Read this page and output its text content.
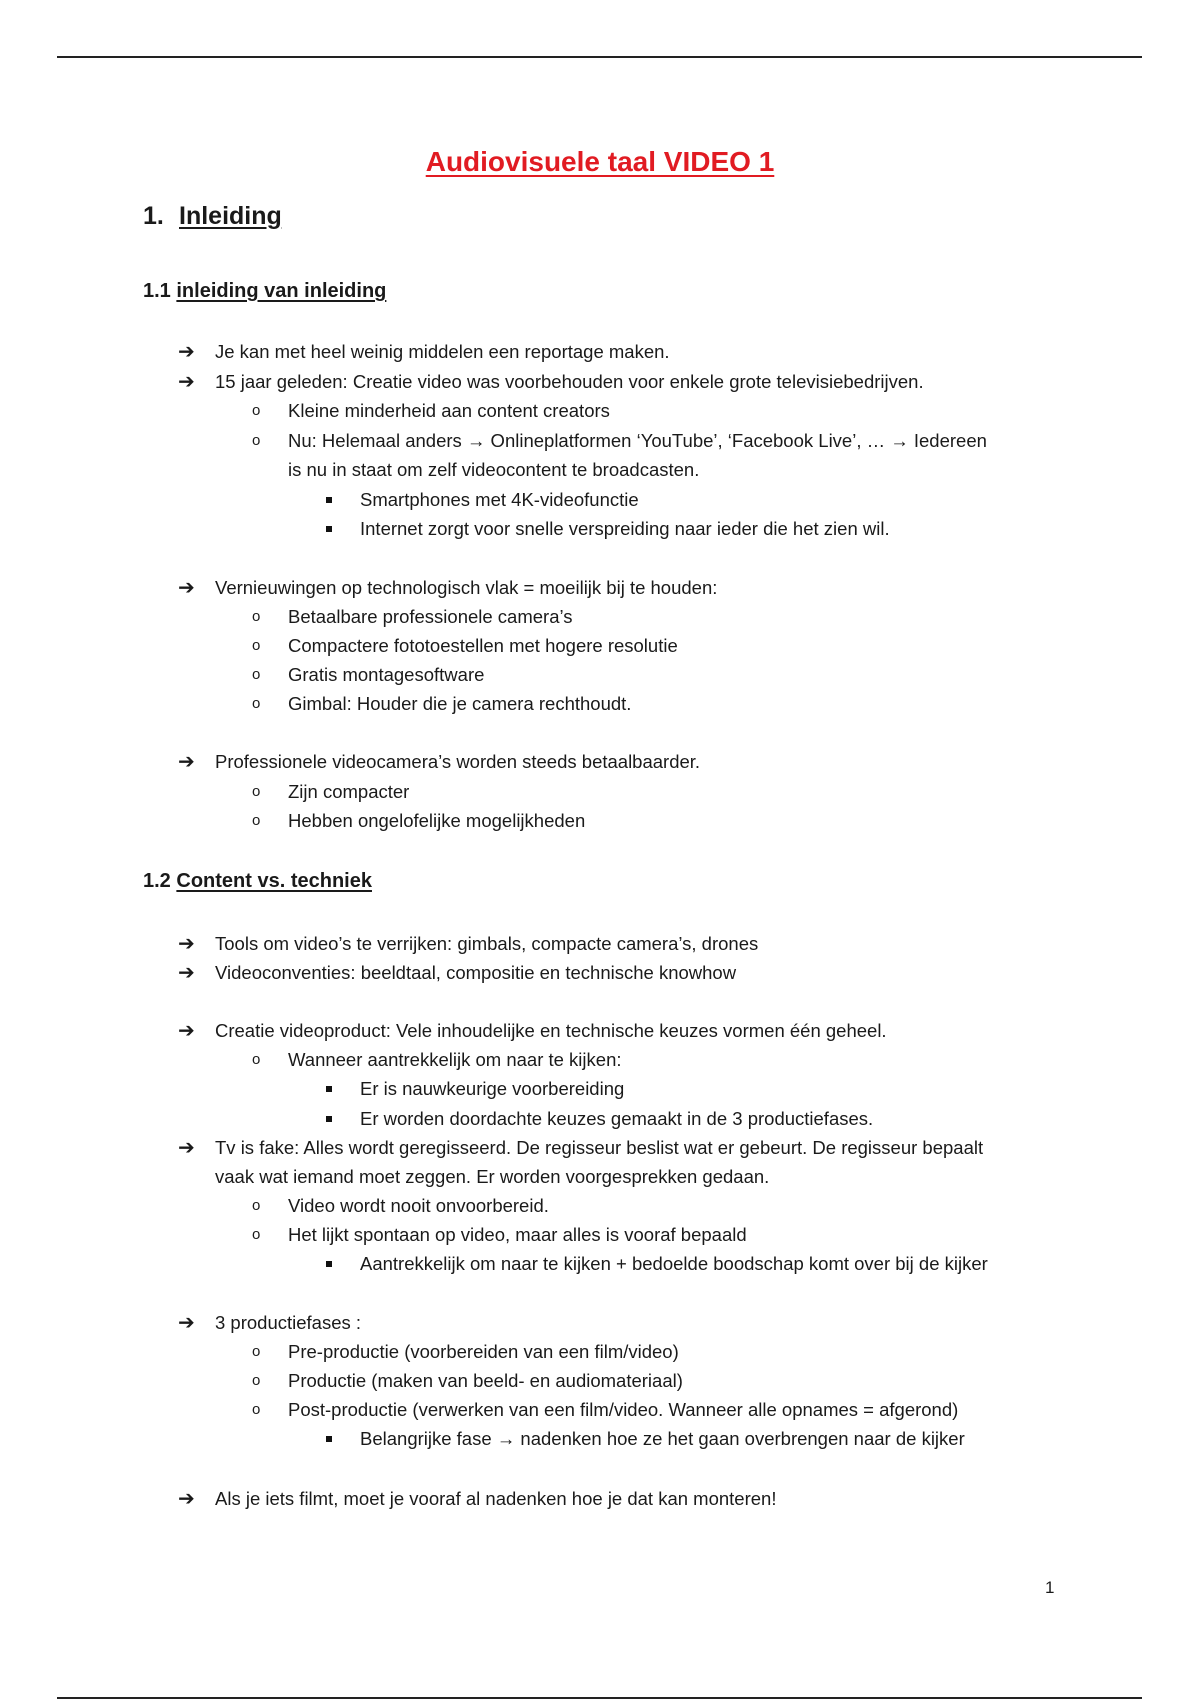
Audiovisuele taal VIDEO 1
1. Inleiding
1.1 inleiding van inleiding
➔ Je kan met heel weinig middelen een reportage maken.
➔ 15 jaar geleden: Creatie video was voorbehouden voor enkele grote televisiebedrijven.
o Kleine minderheid aan content creators
o Nu: Helemaal anders → Onlineplatformen ‘YouTube’, ‘Facebook Live’, … → Iedereen
is nu in staat om zelf videocontent te broadcasten.
Smartphones met 4K-videofunctie
Internet zorgt voor snelle verspreiding naar ieder die het zien wil.
➔ Vernieuwingen op technologisch vlak = moeilijk bij te houden:
o Betaalbare professionele camera’s
o Compactere fototoestellen met hogere resolutie
o Gratis montagesoftware
o Gimbal: Houder die je camera rechthoudt.
➔ Professionele videocamera’s worden steeds betaalbaarder.
o Zijn compacter
o Hebben ongelofelijke mogelijkheden
1.2 Content vs. techniek
➔ Tools om video’s te verrijken: gimbals, compacte camera’s, drones
➔ Videoconventies: beeldtaal, compositie en technische knowhow
➔ Creatie videoproduct: Vele inhoudelijke en technische keuzes vormen één geheel.
o Wanneer aantrekkelijk om naar te kijken:
Er is nauwkeurige voorbereiding
Er worden doordachte keuzes gemaakt in de 3 productiefases.
➔ Tv is fake: Alles wordt geregisseerd. De regisseur beslist wat er gebeurt. De regisseur bepaalt
vaak wat iemand moet zeggen. Er worden voorgesprekken gedaan.
o Video wordt nooit onvoorbereid.
o Het lijkt spontaan op video, maar alles is vooraf bepaald
Aantrekkelijk om naar te kijken + bedoelde boodschap komt over bij de kijker
➔ 3 productiefases :
o Pre-productie (voorbereiden van een film/video)
o Productie (maken van beeld- en audiomateriaal)
o Post-productie (verwerken van een film/video. Wanneer alle opnames = afgerond)
Belangrijke fase → nadenken hoe ze het gaan overbrengen naar de kijker
➔ Als je iets filmt, moet je vooraf al nadenken hoe je dat kan monteren!
1
